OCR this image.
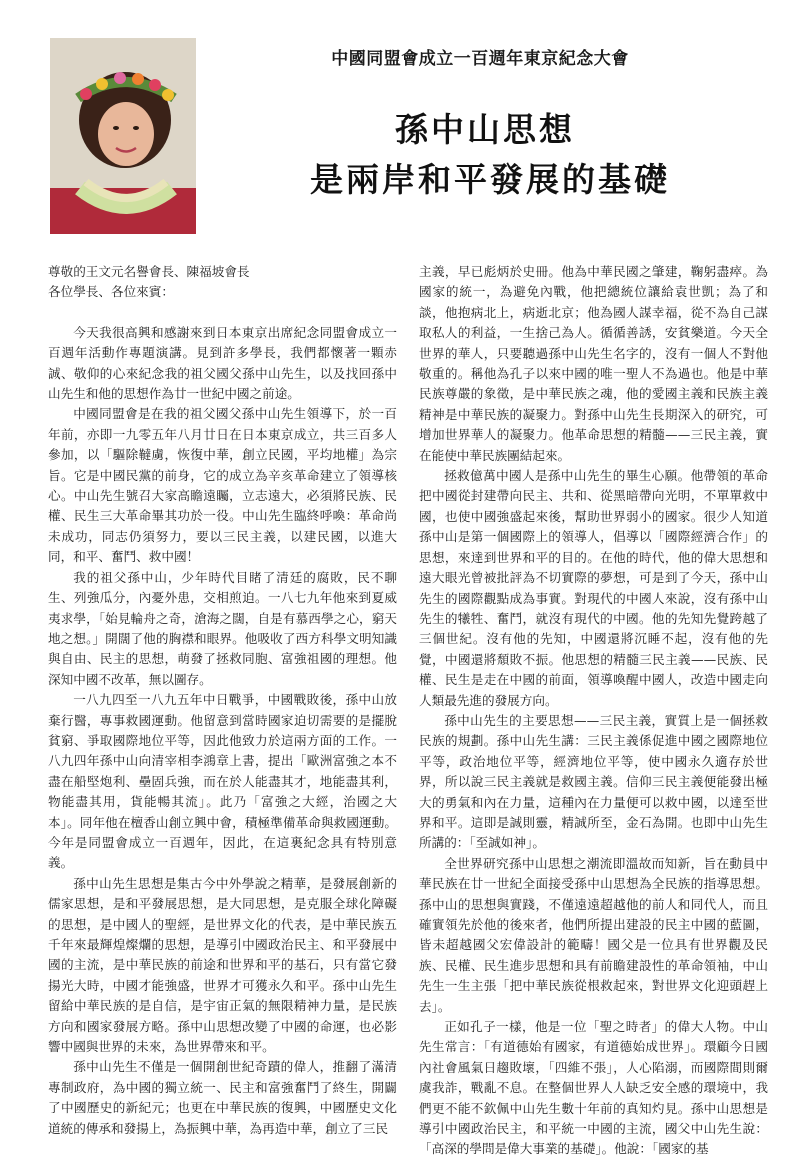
中國同盟會成立一百週年東京紀念大會

孫中山思想

是兩岸和平發展的基礎

尊敬的王文元名譽會長、陳福坡會長

各位學長、各位來賓：

今天我很高興和感謝來到日本東京出席紀念同盟會成立一百週年活動作專題演講。見到許多學長，我們都懷著一顆赤誠、敬仰的心來紀念我的祖父國父孫中山先生，以及找回孫中山先生和他的思想作為廿一世紀中國之前途。

中國同盟會是在我的祖父國父孫中山先生領導下，於一百年前，亦即一九零五年八月廿日在日本東京成立，共三百多人參加，以「驅除韃虜，恢復中華，創立民國，平均地權」為宗旨。它是中國民黨的前身，它的成立為辛亥革命建立了領導核心。中山先生號召大家高瞻遠矚，立志遠大，必須將民族、民權、民生三大革命畢其功於一役。中山先生臨終呼喚：革命尚未成功，同志仍須努力，要以三民主義，以建民國，以進大同，和平、奮鬥、救中國！

我的祖父孫中山，少年時代目睹了清廷的腐敗，民不聊生、列強瓜分，內憂外患，交相煎迫。一八七九年他來到夏威夷求學，「始見輪舟之奇，滄海之闊，自是有慕西學之心，窮天地之想。」開闊了他的胸襟和眼界。他吸收了西方科學文明知識與自由、民主的思想，萌發了拯救同胞、富強祖國的理想。他深知中國不改革，無以圖存。

一八九四至一八九五年中日戰爭，中國戰敗後，孫中山放棄行醫，專事救國運動。他留意到當時國家迫切需要的是擺脫貧窮、爭取國際地位平等，因此他致力於這兩方面的工作。一八九四年孫中山向清宰相李鴻章上書，提出「歐洲富強之本不盡在船堅炮利、壘固兵強，而在於人能盡其才，地能盡其利，物能盡其用，貨能暢其流」。此乃「富強之大經，治國之大本」。同年他在檀香山創立興中會，積極準備革命與救國運動。今年是同盟會成立一百週年，因此，在這裏紀念具有特別意義。

孫中山先生思想是集古今中外學說之精華，是發展創新的儒家思想，是和平發展思想，是大同思想，是克服全球化障礙的思想，是中國人的聖經，是世界文化的代表，是中華民族五千年來最輝煌燦爛的思想，是導引中國政治民主、和平發展中國的主流，是中華民族的前途和世界和平的基石，只有當它發揚光大時，中國才能強盛，世界才可獲永久和平。孫中山先生留給中華民族的是自信，是宇宙正氣的無限精神力量，是民族方向和國家發展方略。孫中山思想改變了中國的命運，也必影響中國與世界的未來，為世界帶來和平。

孫中山先生不僅是一個開創世紀奇蹟的偉人，推翻了滿清專制政府，為中國的獨立統一、民主和富強奮鬥了終生，開闢了中國歷史的新紀元；也更在中華民族的復興，中國歷史文化道統的傳承和發揚上，為振興中華，為再造中華，創立了三民

主義，早已彪炳於史冊。他為中華民國之肇建，鞠躬盡瘁。為國家的統一，為避免內戰，他把總統位讓給袁世凱；為了和談，他抱病北上，病逝北京；他為國人謀幸福，從不為自己謀取私人的利益，一生捨己為人。循循善誘，安貧樂道。今天全世界的華人，只要聽過孫中山先生名字的，沒有一個人不對他敬重的。稱他為孔子以來中國的唯一聖人不為過也。他是中華民族尊嚴的象徵，是中華民族之魂，他的愛國主義和民族主義精神是中華民族的凝聚力。對孫中山先生長期深入的研究，可增加世界華人的凝聚力。他革命思想的精髓——三民主義，實在能使中華民族團結起來。

拯救億萬中國人是孫中山先生的畢生心願。他帶領的革命把中國從封建帶向民主、共和、從黑暗帶向光明，不單單救中國，也使中國強盛起來後，幫助世界弱小的國家。很少人知道孫中山是第一個國際上的領導人，倡導以「國際經濟合作」的思想，來達到世界和平的目的。在他的時代，他的偉大思想和遠大眼光曾被批評為不切實際的夢想，可是到了今天，孫中山先生的國際觀點成為事實。對現代的中國人來說，沒有孫中山先生的犧牲、奮鬥，就沒有現代的中國。他的先知先覺跨越了三個世紀。沒有他的先知，中國還將沉睡不起，沒有他的先覺，中國還將頹敗不振。他思想的精髓三民主義——民族、民權、民生是走在中國的前面，領導喚醒中國人，改造中國走向人類最先進的發展方向。

孫中山先生的主要思想——三民主義，實質上是一個拯救民族的規劃。孫中山先生講：三民主義係促進中國之國際地位平等，政治地位平等，經濟地位平等，使中國永久適存於世界，所以說三民主義就是救國主義。信仰三民主義便能發出極大的勇氣和內在力量，這種內在力量便可以救中國，以達至世界和平。這即是誠則靈，精誠所至，金石為開。也即中山先生所講的：「至誠如神」。

全世界研究孫中山思想之潮流即溫故而知新，旨在動員中華民族在廿一世紀全面接受孫中山思想為全民族的指導思想。孫中山的思想與實踐，不僅遠遠超越他的前人和同代人，而且確實領先於他的後來者，他們所提出建設的民主中國的藍圖，皆未超越國父宏偉設計的範疇！國父是一位具有世界觀及民族、民權、民生進步思想和具有前瞻建設性的革命領袖，中山先生一生主張「把中華民族從根救起來，對世界文化迎頭趕上去」。

正如孔子一樣，他是一位「聖之時者」的偉大人物。中山先生常言：「有道德始有國家，有道德始成世界」。環顧今日國內社會風氣日趨敗壞，「四維不張」，人心陷溺，而國際間則爾虞我詐，戰亂不息。在整個世界人人缺乏安全感的環境中，我們更不能不欽佩中山先生數十年前的真知灼見。孫中山思想是導引中國政治民主，和平統一中國的主流，國父中山先生說：「高深的學問是偉大事業的基礎」。他說：「國家的基
